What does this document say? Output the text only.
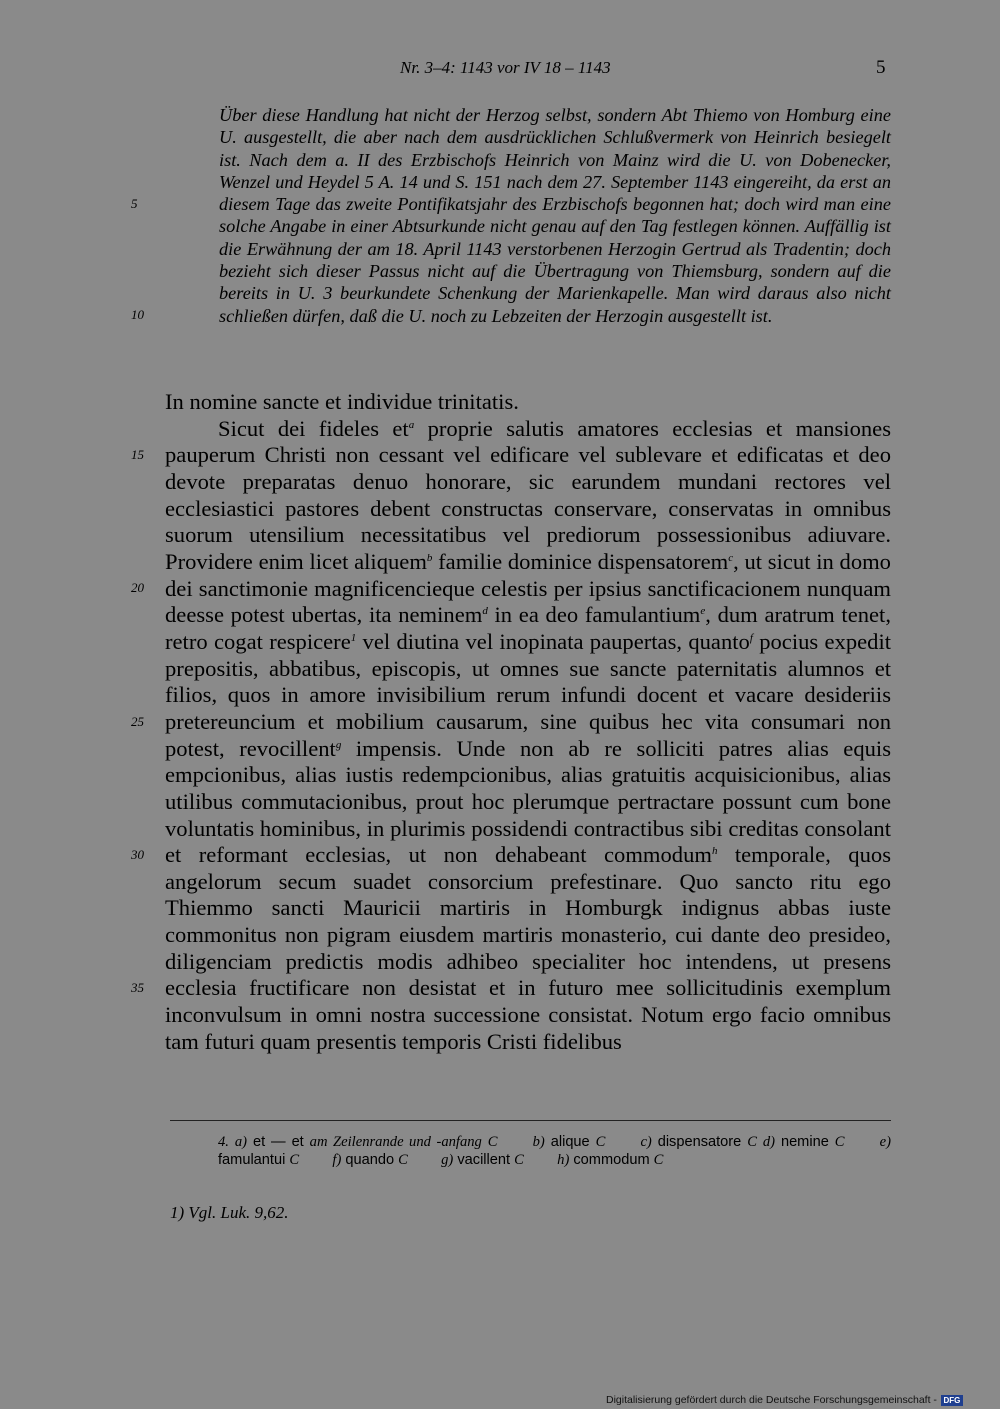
Nr. 3–4: 1143 vor IV 18 – 1143	5

Über diese Handlung hat nicht der Herzog selbst, sondern Abt Thiemo von Homburg eine U. ausgestellt, die aber nach dem ausdrücklichen Schlußvermerk von Heinrich besiegelt ist. Nach dem a. II des Erzbischofs Heinrich von Mainz wird die U. von Dobenecker, Wenzel und Heydel 5 A. 14 und S. 151 nach dem 27. September 1143 eingereiht, da erst an diesem Tage das zweite Pontifikatsjahr des Erzbischofs begonnen hat; doch wird man eine solche Angabe in einer Abtsurkunde nicht genau auf den Tag festlegen können. Auffällig ist die Erwähnung der am 18. April 1143 verstorbenen Herzogin Gertrud als Tradentin; doch bezieht sich dieser Passus nicht auf die Übertragung von Thiemsburg, sondern auf die bereits in U. 3 beurkundete Schenkung der Marienkapelle. Man wird daraus also nicht schließen dürfen, daß die U. noch zu Lebzeiten der Herzogin ausgestellt ist.

5
10
15
20
25
30
35

In nomine sancte et individue trinitatis.

Sicut dei fideles $et^a$ proprie salutis amatores ecclesias et mansiones pauperum Christi non cessant vel edificare vel sublevare et edificatas et deo devote preparatas denuo honorare, sic earundem mundani rectores vel ecclesiastici pastores debent constructas conservare, conservatas in omnibus suorum utensilium necessitatibus vel prediorum possessionibus adiuvare. Providere enim licet aliquem$^b$ familie dominice dispensatorem$^c$, ut sicut in domo dei sanctimonie magnificencieque celestis per ipsius sanctificacionem nunquam deesse potest ubertas, ita neminem$^d$ in ea deo famulantium$^e$, dum aratrum tenet, retro cogat respicere$^1$ vel diutina vel inopinata paupertas, quanto$^f$ pocius expedit prepositis, abbatibus, episcopis, ut omnes sue sancte paternitatis alumnos et filios, quos in amore invisibilium rerum infundi docent et vacare desideriis pretereuncium et mobilium causarum, sine quibus hec vita consumari non potest, revocillent$^g$ impensis. Unde non ab re solliciti patres alias equis empcionibus, alias iustis redempcionibus, alias gratuitis acquisicionibus, alias utilibus commutacionibus, prout hoc plerumque pertractare possunt cum bone voluntatis hominibus, in plurimis possidendi contractibus sibi creditas consolant et reformant ecclesias, ut non dehabeant commodum$^h$ temporale, quos angelorum secum suadet consorcium prefestinare. Quo sancto ritu ego Thiemmo sancti Mauricii martiris in Homburgk indignus abbas iuste commonitus non pigram eiusdem martiris monasterio, cui dante deo presideo, diligenciam predictis modis adhibeo specialiter hoc intendens, ut presens ecclesia fructificare non desistat et in futuro mee sollicitudinis exemplum inconvulsum in omni nostra successione consistat. Notum ergo facio omnibus tam futuri quam presentis temporis Cristi fidelibus

4. a) et — et am Zeilenrande und -anfang C   b) alique C   c) dispensatore C d) nemine C   e) famulantui C   f) quando C   g) vacillent C   h) commodum C
1) Vgl. Luk. 9,62.
Digitalisierung gefördert durch die Deutsche Forschungsgemeinschaft - DFG
